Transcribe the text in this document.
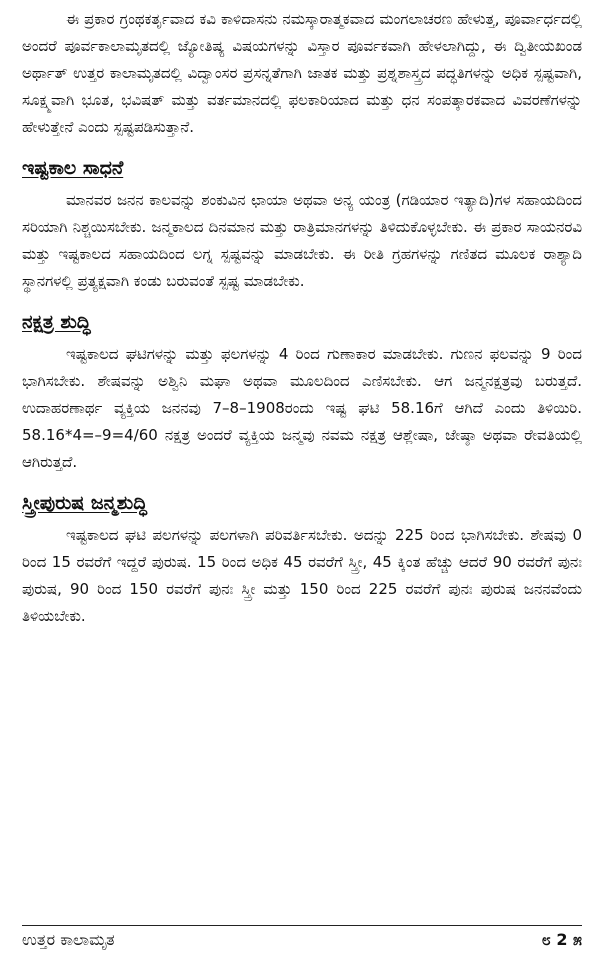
ಈ ಪ್ರಕಾರ ಗ್ರಂಥಕರ್ತೃವಾದ ಕವಿ ಕಾಳಿದಾಸನು ನಮಸ್ಕಾರಾತ್ಮಕವಾದ ಮಂಗಲಾಚರಣ ಹೇಳುತ್ತ, ಪೂರ್ವಾರ್ಧದಲ್ಲಿ ಅಂದರೆ ಪೂರ್ವಕಾಲಾಮೃತದಲ್ಲಿ ಜ್ಯೋತಿಷ್ಯ ವಿಷಯಗಳನ್ನು ವಿಸ್ತಾರ ಪೂರ್ವಕವಾಗಿ ಹೇಳಲಾಗಿದ್ದು, ಈ ದ್ವಿತೀಯಖಂಡ ಅರ್ಥಾತ್ ಉತ್ತರ ಕಾಲಾಮೃತದಲ್ಲಿ ವಿದ್ವಾಂಸರ ಪ್ರಸನ್ನತೆಗಾಗಿ ಜಾತಕ ಮತ್ತು ಪ್ರಶ್ನಶಾಸ್ತ್ರದ ಪದ್ಧತಿಗಳನ್ನು ಅಧಿಕ ಸ್ಪಷ್ಟವಾಗಿ, ಸೂಕ್ಷ್ಮವಾಗಿ ಭೂತ, ಭವಿಷತ್ ಮತ್ತು ವರ್ತಮಾನದಲ್ಲಿ ಫಲಕಾರಿಯಾದ ಮತ್ತು ಧನ ಸಂಪತ್ಕಾರಕವಾದ ವಿವರಣೆಗಳನ್ನು ಹೇಳುತ್ತೇನೆ ಎಂದು ಸ್ಪಷ್ಟಪಡಿಸುತ್ತಾನೆ.

ಇಷ್ಟಕಾಲ ಸಾಧನೆ

ಮಾನವರ ಜನನ ಕಾಲವನ್ನು ಶಂಕುವಿನ ಛಾಯಾ ಅಥವಾ ಅನ್ಯ ಯಂತ್ರ (ಗಡಿಯಾರ ಇತ್ಯಾದಿ)ಗಳ ಸಹಾಯದಿಂದ ಸರಿಯಾಗಿ ನಿಶ್ಚಯಿಸಬೇಕು. ಜನ್ಮಕಾಲದ ದಿನಮಾನ ಮತ್ತು ರಾತ್ರಿಮಾನಗಳನ್ನು ತಿಳಿದುಕೊಳ್ಳಬೇಕು. ಈ ಪ್ರಕಾರ ಸಾಯನರವಿ ಮತ್ತು ಇಷ್ಟಕಾಲದ ಸಹಾಯದಿಂದ ಲಗ್ನ ಸ್ಪಷ್ಟವನ್ನು ಮಾಡಬೇಕು. ಈ ರೀತಿ ಗ್ರಹಗಳನ್ನು ಗಣಿತದ ಮೂಲಕ ರಾಶ್ಯಾದಿ ಸ್ಥಾನಗಳಲ್ಲಿ ಪ್ರತ್ಯಕ್ಷವಾಗಿ ಕಂಡು ಬರುವಂತೆ ಸ್ಪಷ್ಟ ಮಾಡಬೇಕು.

ನಕ್ಷತ್ರ ಶುದ್ಧಿ

ಇಷ್ಟಕಾಲದ ಘಟಿಗಳನ್ನು ಮತ್ತು ಫಲಗಳನ್ನು 4 ರಿಂದ ಗುಣಾಕಾರ ಮಾಡಬೇಕು. ಗುಣನ ಫಲವನ್ನು 9 ರಿಂದ ಭಾಗಿಸಬೇಕು. ಶೇಷವನ್ನು ಅಶ್ವಿನಿ ಮಘಾ ಅಥವಾ ಮೂಲದಿಂದ ಎಣಿಸಬೇಕು. ಆಗ ಜನ್ಮನಕ್ಷತ್ರವು ಬರುತ್ತದೆ. ಉದಾಹರಣಾರ್ಥ ವ್ಯಕ್ತಿಯ ಜನನವು 7–8–1908ರಂದು ಇಷ್ಟ ಘಟಿ 58.16ಗೆ ಆಗಿದೆ ಎಂದು ತಿಳಿಯಿರಿ. 58.16*4=–9=4/60 ನಕ್ಷತ್ರ ಅಂದರೆ ವ್ಯಕ್ತಿಯ ಜನ್ಮವು ನವಮ ನಕ್ಷತ್ರ ಆಶ್ಲೇಷಾ, ಜೇಷ್ಠಾ ಅಥವಾ ರೇವತಿಯಲ್ಲಿ ಆಗಿರುತ್ತದೆ.

ಸ್ತ್ರೀಪುರುಷ ಜನ್ಮಶುದ್ಧಿ

ಇಷ್ಟಕಾಲದ ಘಟಿ ಪಲಗಳನ್ನು ಪಲಗಳಾಗಿ ಪರಿವರ್ತಿಸಬೇಕು. ಅದನ್ನು 225 ರಿಂದ ಭಾಗಿಸಬೇಕು. ಶೇಷವು 0 ರಿಂದ 15 ರವರೆಗೆ ಇದ್ದರೆ ಪುರುಷ. 15 ರಿಂದ ಅಧಿಕ 45 ರವರೆಗೆ ಸ್ತ್ರೀ, 45 ಕ್ಕಿಂತ ಹೆಚ್ಚು ಆದರೆ 90 ರವರೆಗೆ ಪುನಃ ಪುರುಷ, 90 ರಿಂದ 150 ರವರೆಗೆ ಪುನಃ ಸ್ತ್ರೀ ಮತ್ತು 150 ರಿಂದ 225 ರವರೆಗೆ ಪುನಃ ಪುರುಷ ಜನನವೆಂದು ತಿಳಿಯಬೇಕು.

ಉತ್ತರ ಕಾಲಾಮೃತ	೮ 2 ೫
